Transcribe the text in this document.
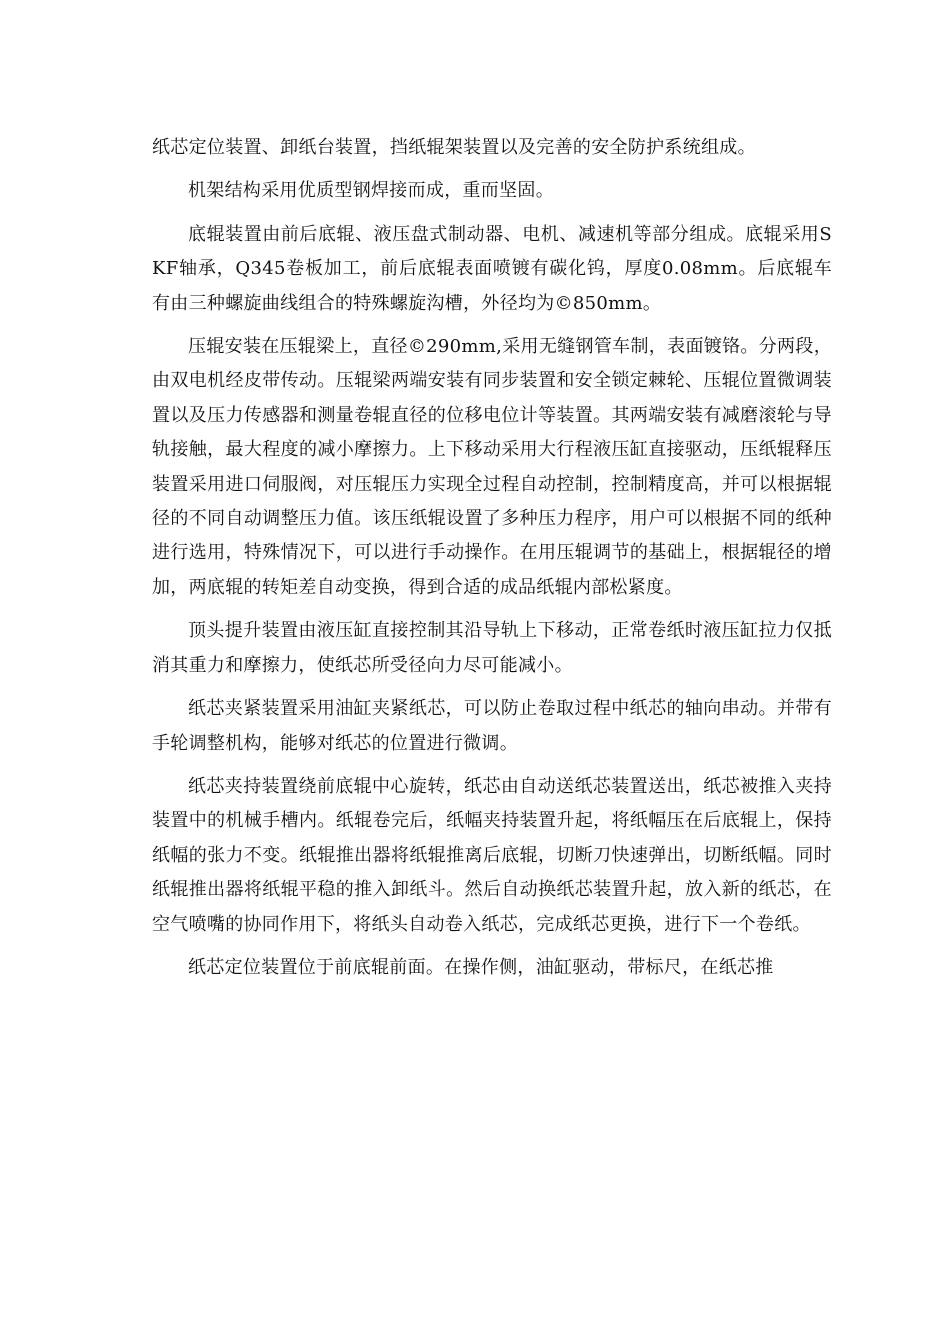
纸芯定位装置、卸纸台装置，挡纸辊架装置以及完善的安全防护系统组成。

机架结构采用优质型钢焊接而成，重而坚固。

底辊装置由前后底辊、液压盘式制动器、电机、减速机等部分组成。底辊采用SKF轴承，Q345卷板加工，前后底辊表面喷镀有碳化钨，厚度0.08mm。后底辊车有由三种螺旋曲线组合的特殊螺旋沟槽，外径均为©850mm。

压辊安装在压辊梁上，直径©290mm,采用无缝钢管车制，表面镀铬。分两段，由双电机经皮带传动。压辊梁两端安装有同步装置和安全锁定棘轮、压辊位置微调装置以及压力传感器和测量卷辊直径的位移电位计等装置。其两端安装有减磨滚轮与导轨接触，最大程度的减小摩擦力。上下移动采用大行程液压缸直接驱动，压纸辊释压装置采用进口伺服阀，对压辊压力实现全过程自动控制，控制精度高，并可以根据辊径的不同自动调整压力值。该压纸辊设置了多种压力程序，用户可以根据不同的纸种进行选用，特殊情况下，可以进行手动操作。在用压辊调节的基础上，根据辊径的增加，两底辊的转矩差自动变换，得到合适的成品纸辊内部松紧度。

顶头提升装置由液压缸直接控制其沿导轨上下移动，正常卷纸时液压缸拉力仅抵消其重力和摩擦力，使纸芯所受径向力尽可能减小。

纸芯夹紧装置采用油缸夹紧纸芯，可以防止卷取过程中纸芯的轴向串动。并带有手轮调整机构，能够对纸芯的位置进行微调。

纸芯夹持装置绕前底辊中心旋转，纸芯由自动送纸芯装置送出，纸芯被推入夹持装置中的机械手槽内。纸辊卷完后，纸幅夹持装置升起，将纸幅压在后底辊上，保持纸幅的张力不变。纸辊推出器将纸辊推离后底辊，切断刀快速弹出，切断纸幅。同时纸辊推出器将纸辊平稳的推入卸纸斗。然后自动换纸芯装置升起，放入新的纸芯，在空气喷嘴的协同作用下，将纸头自动卷入纸芯，完成纸芯更换，进行下一个卷纸。

纸芯定位装置位于前底辊前面。在操作侧，油缸驱动，带标尺，在纸芯推
